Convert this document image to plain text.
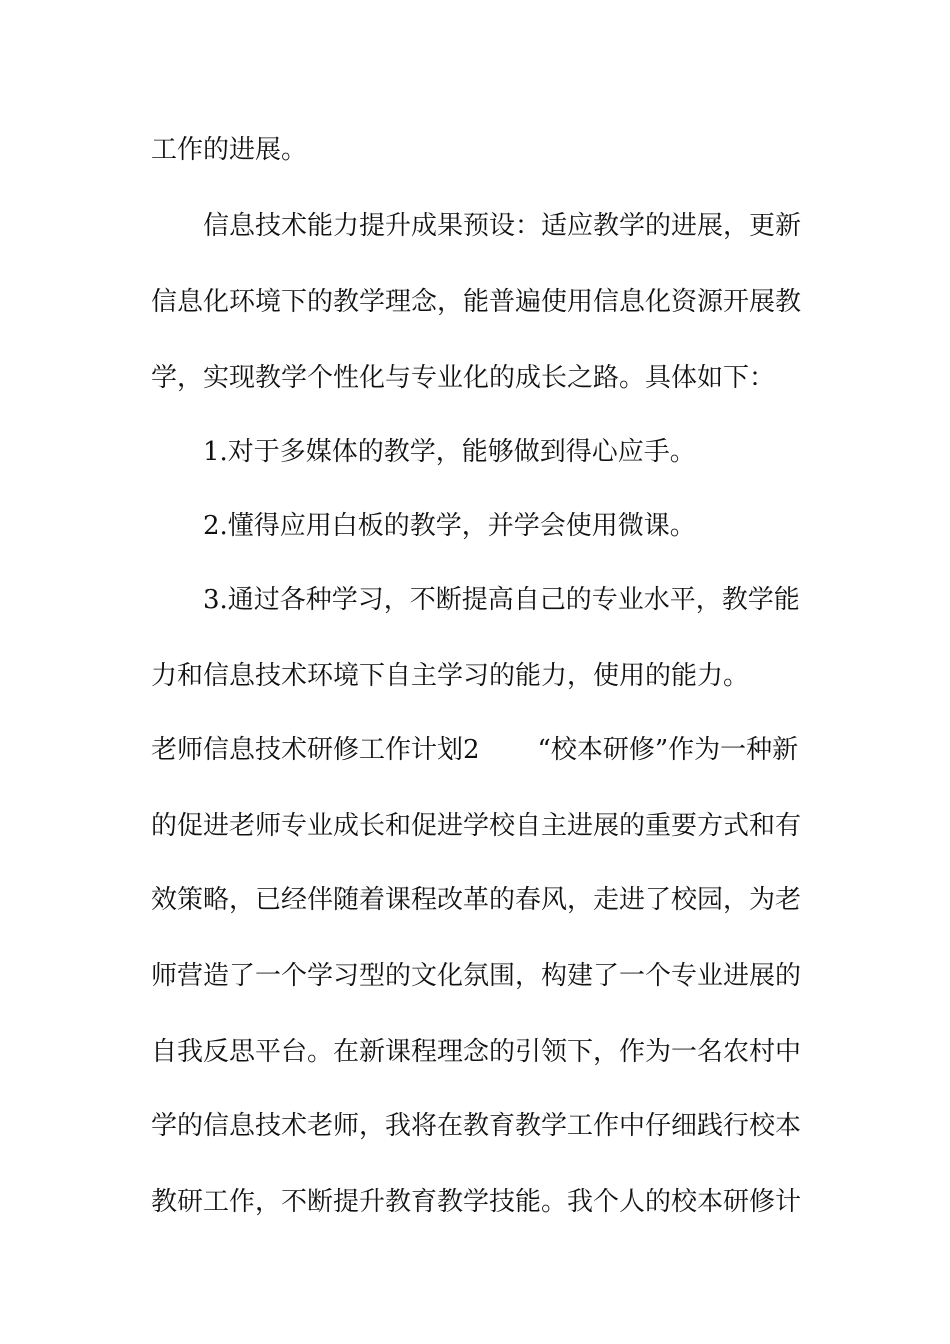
工作的进展。
信息技术能力提升成果预设：适应教学的进展，更新
信息化环境下的教学理念，能普遍使用信息化资源开展教
学，实现教学个性化与专业化的成长之路。具体如下：
1.对于多媒体的教学，能够做到得心应手。
2.懂得应用白板的教学，并学会使用微课。
3.通过各种学习，不断提高自己的专业水平，教学能
力和信息技术环境下自主学习的能力，使用的能力。
老师信息技术研修工作计划2 “校本研修”作为一种新
的促进老师专业成长和促进学校自主进展的重要方式和有
效策略，已经伴随着课程改革的春风，走进了校园，为老
师营造了一个学习型的文化氛围，构建了一个专业进展的
自我反思平台。在新课程理念的引领下，作为一名农村中
学的信息技术老师，我将在教育教学工作中仔细践行校本
教研工作，不断提升教育教学技能。我个人的校本研修计
